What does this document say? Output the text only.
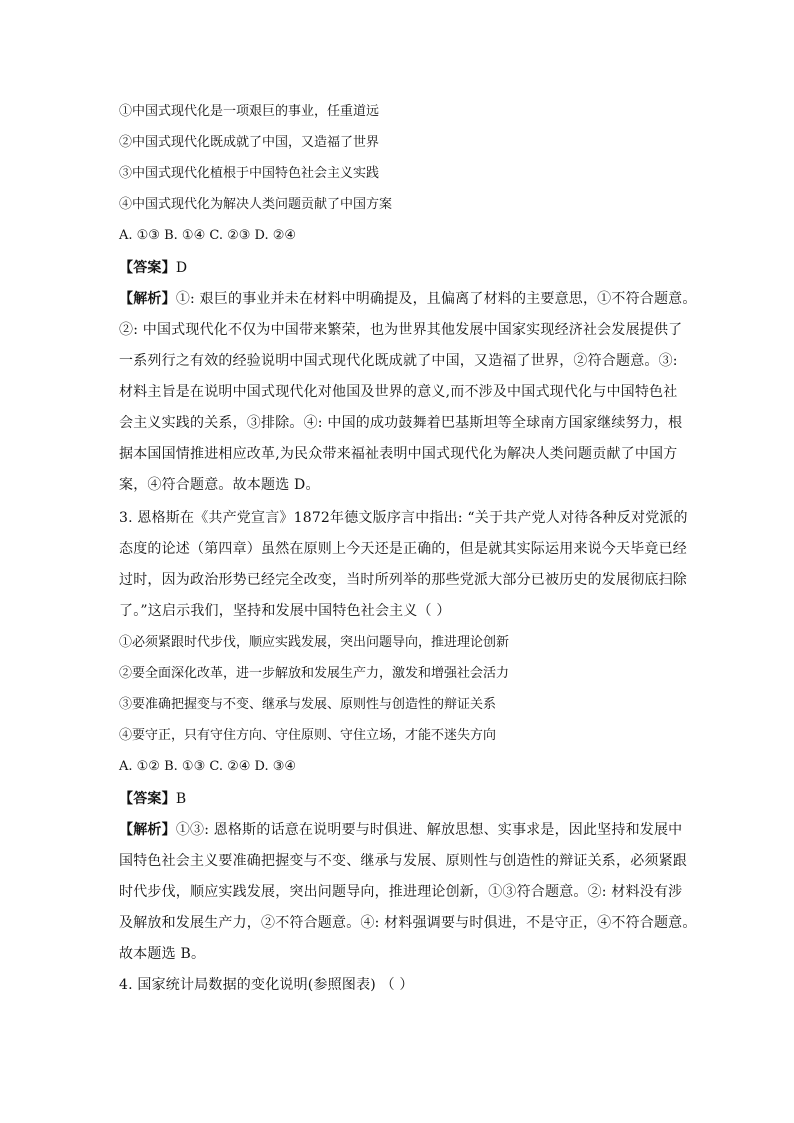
①中国式现代化是一项艰巨的事业，任重道远
②中国式现代化既成就了中国，又造福了世界
③中国式现代化植根于中国特色社会主义实践
④中国式现代化为解决人类问题贡献了中国方案
A. ①③ B. ①④ C. ②③ D. ②④
【答案】D
【解析】①: 艰巨的事业并未在材料中明确提及，且偏离了材料的主要意思，①不符合题意。
②: 中国式现代化不仅为中国带来繁荣，也为世界其他发展中国家实现经济社会发展提供了
一系列行之有效的经验说明中国式现代化既成就了中国，又造福了世界，②符合题意。③:
材料主旨是在说明中国式现代化对他国及世界的意义,而不涉及中国式现代化与中国特色社
会主义实践的关系，③排除。④: 中国的成功鼓舞着巴基斯坦等全球南方国家继续努力，根
据本国国情推进相应改革,为民众带来福祉表明中国式现代化为解决人类问题贡献了中国方
案，④符合题意。故本题选 D。
3. 恩格斯在《共产党宣言》1872年德文版序言中指出: “关于共产党人对待各种反对党派的
态度的论述（第四章）虽然在原则上今天还是正确的，但是就其实际运用来说今天毕竟已经
过时，因为政治形势已经完全改变，当时所列举的那些党派大部分已被历史的发展彻底扫除
了。”这启示我们，坚持和发展中国特色社会主义（ ）
①必须紧跟时代步伐，顺应实践发展，突出问题导向，推进理论创新
②要全面深化改革，进一步解放和发展生产力，激发和增强社会活力
③要准确把握变与不变、继承与发展、原则性与创造性的辩证关系
④要守正，只有守住方向、守住原则、守住立场，才能不迷失方向
A. ①② B. ①③ C. ②④ D. ③④
【答案】B
【解析】①③: 恩格斯的话意在说明要与时俱进、解放思想、实事求是，因此坚持和发展中
国特色社会主义要准确把握变与不变、继承与发展、原则性与创造性的辩证关系，必须紧跟
时代步伐，顺应实践发展，突出问题导向，推进理论创新，①③符合题意。②: 材料没有涉
及解放和发展生产力，②不符合题意。④: 材料强调要与时俱进，不是守正，④不符合题意。
故本题选 B。
4. 国家统计局数据的变化说明(参照图表) （ ）
